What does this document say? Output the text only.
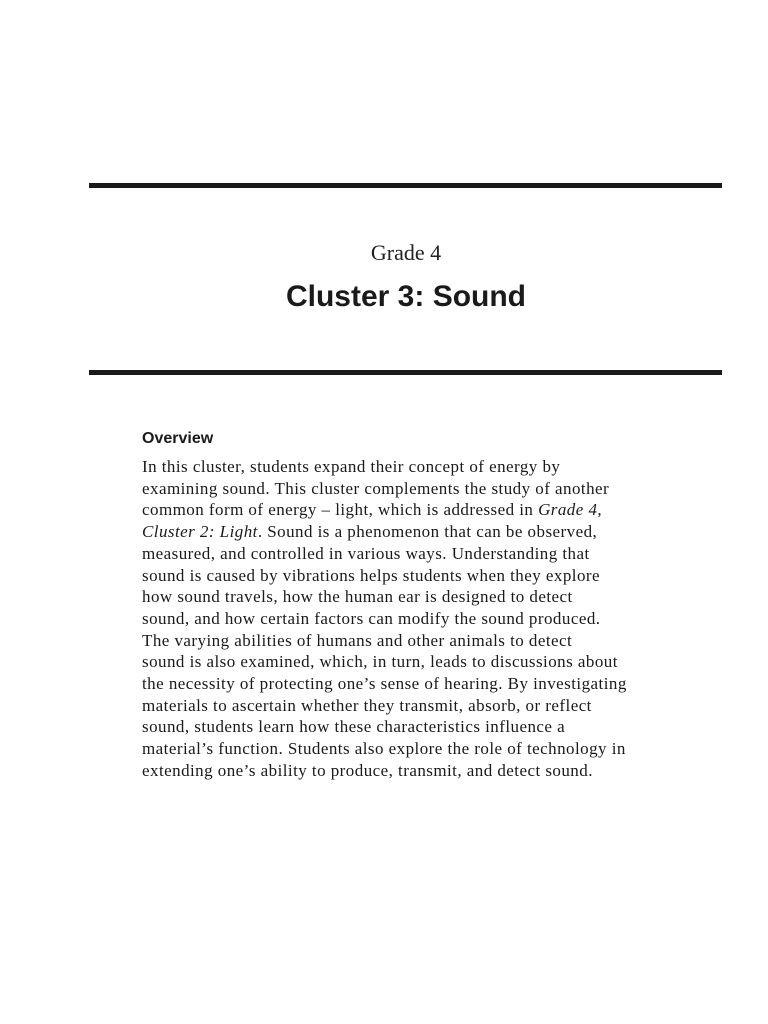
Grade 4
Cluster 3: Sound
Overview

In this cluster, students expand their concept of energy by
examining sound. This cluster complements the study of another
common form of energy – light, which is addressed in Grade 4,
Cluster 2: Light. Sound is a phenomenon that can be observed,
measured, and controlled in various ways. Understanding that
sound is caused by vibrations helps students when they explore
how sound travels, how the human ear is designed to detect
sound, and how certain factors can modify the sound produced.
The varying abilities of humans and other animals to detect
sound is also examined, which, in turn, leads to discussions about
the necessity of protecting one’s sense of hearing. By investigating
materials to ascertain whether they transmit, absorb, or reflect
sound, students learn how these characteristics influence a
material’s function. Students also explore the role of technology in
extending one’s ability to produce, transmit, and detect sound.
